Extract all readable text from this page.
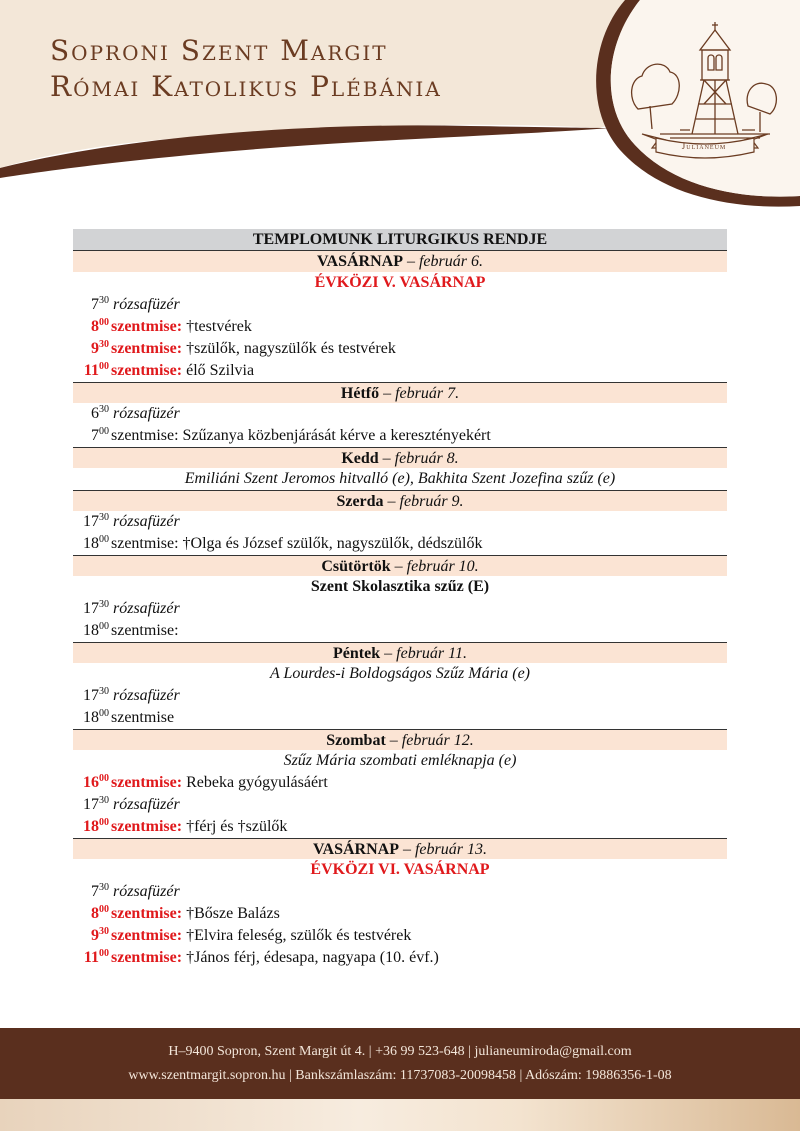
Soproni Szent Margit
Római Katolikus Plébánia
Julianeum
TEMPLOMUNK LITURGIKUS RENDJE
VASÁRNAP – február 6.
ÉVKÖZI V. VASÁRNAP
$7^{30}$ rózsafüzér
$8^{00}$ szentmise: †testvérek
$9^{30}$ szentmise: †szülők, nagyszülők és testvérek
$11^{00}$ szentmise: élő Szilvia
Hétfő – február 7.
$6^{30}$ rózsafüzér
$7^{00}$ szentmise: Szűzanya közbenjárását kérve a keresztényekért
Kedd – február 8.
Emiliáni Szent Jeromos hitvalló (e), Bakhita Szent Jozefina szűz (e)
Szerda – február 9.
$17^{30}$ rózsafüzér
$18^{00}$ szentmise: †Olga és József szülők, nagyszülők, dédszülők
Csütörtök – február 10.
Szent Skolasztika szűz (E)
$17^{30}$ rózsafüzér
$18^{00}$ szentmise:
Péntek – február 11.
A Lourdes-i Boldogságos Szűz Mária (e)
$17^{30}$ rózsafüzér
$18^{00}$ szentmise
Szombat – február 12.
Szűz Mária szombati emléknapja (e)
$16^{00}$ szentmise: Rebeka gyógyulásáért
$17^{30}$ rózsafüzér
$18^{00}$ szentmise: †férj és †szülők
VASÁRNAP – február 13.
ÉVKÖZI VI. VASÁRNAP
$7^{30}$ rózsafüzér
$8^{00}$ szentmise: †Bősze Balázs
$9^{30}$ szentmise: †Elvira feleség, szülők és testvérek
$11^{00}$ szentmise: †János férj, édesapa, nagyapa (10. évf.)
H–9400 Sopron, Szent Margit út 4. | +36 99 523-648 | julianeumiroda@gmail.com
www.szentmargit.sopron.hu | Bankszámlaszám: 11737083-20098458 | Adószám: 19886356-1-08
